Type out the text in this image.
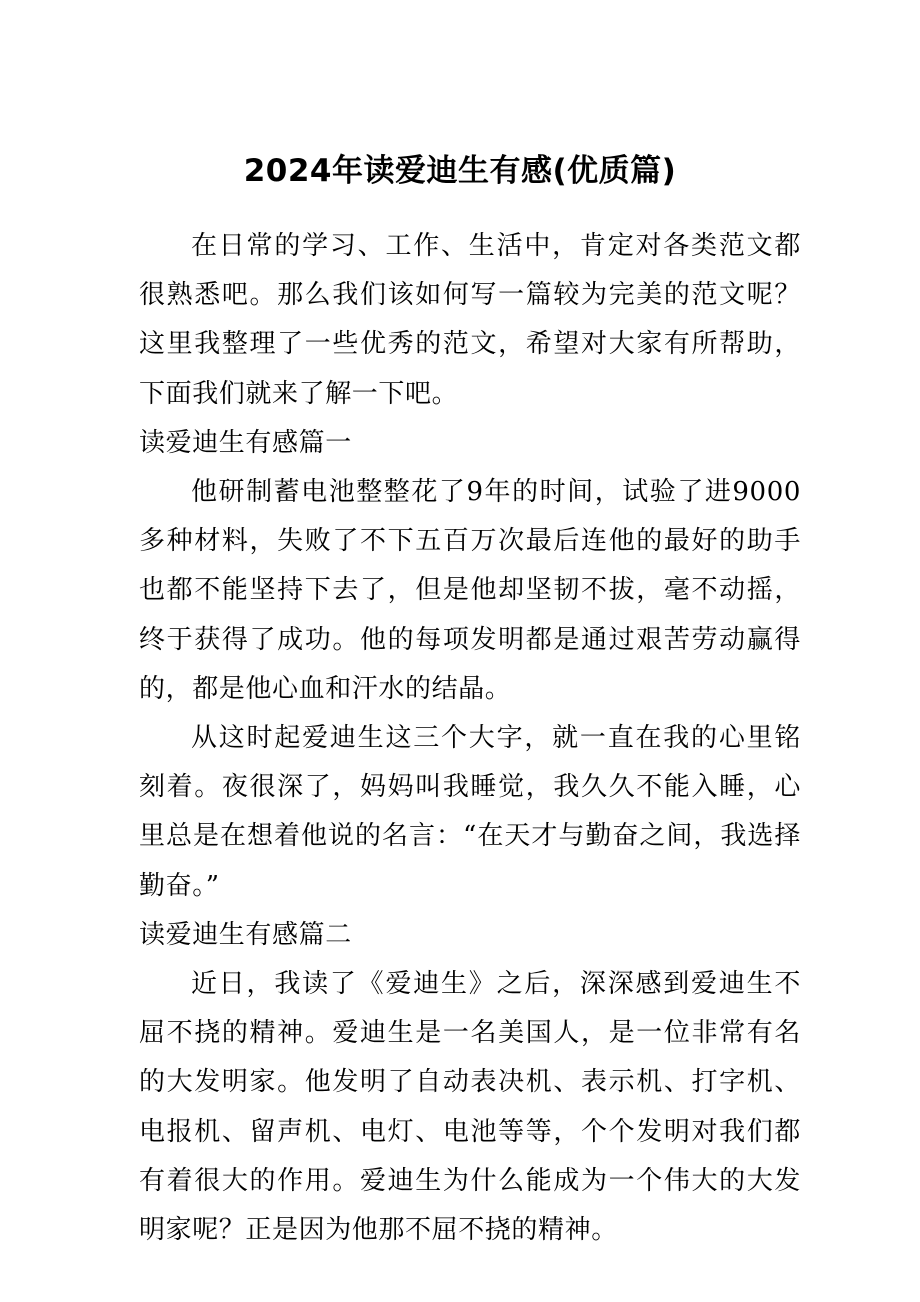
2024年读爱迪生有感(优质篇)

在日常的学习、工作、生活中，肯定对各类范文都很熟悉吧。那么我们该如何写一篇较为完美的范文呢？这里我整理了一些优秀的范文，希望对大家有所帮助，下面我们就来了解一下吧。

读爱迪生有感篇一

他研制蓄电池整整花了9年的时间，试验了进9000多种材料，失败了不下五百万次最后连他的最好的助手也都不能坚持下去了，但是他却坚韧不拔，毫不动摇，终于获得了成功。他的每项发明都是通过艰苦劳动赢得的，都是他心血和汗水的结晶。

从这时起爱迪生这三个大字，就一直在我的心里铭刻着。夜很深了，妈妈叫我睡觉，我久久不能入睡，心里总是在想着他说的名言：“在天才与勤奋之间，我选择勤奋。”

读爱迪生有感篇二

近日，我读了《爱迪生》之后，深深感到爱迪生不屈不挠的精神。爱迪生是一名美国人，是一位非常有名的大发明家。他发明了自动表决机、表示机、打字机、电报机、留声机、电灯、电池等等，个个发明对我们都有着很大的作用。爱迪生为什么能成为一个伟大的大发明家呢？正是因为他那不屈不挠的精神。
